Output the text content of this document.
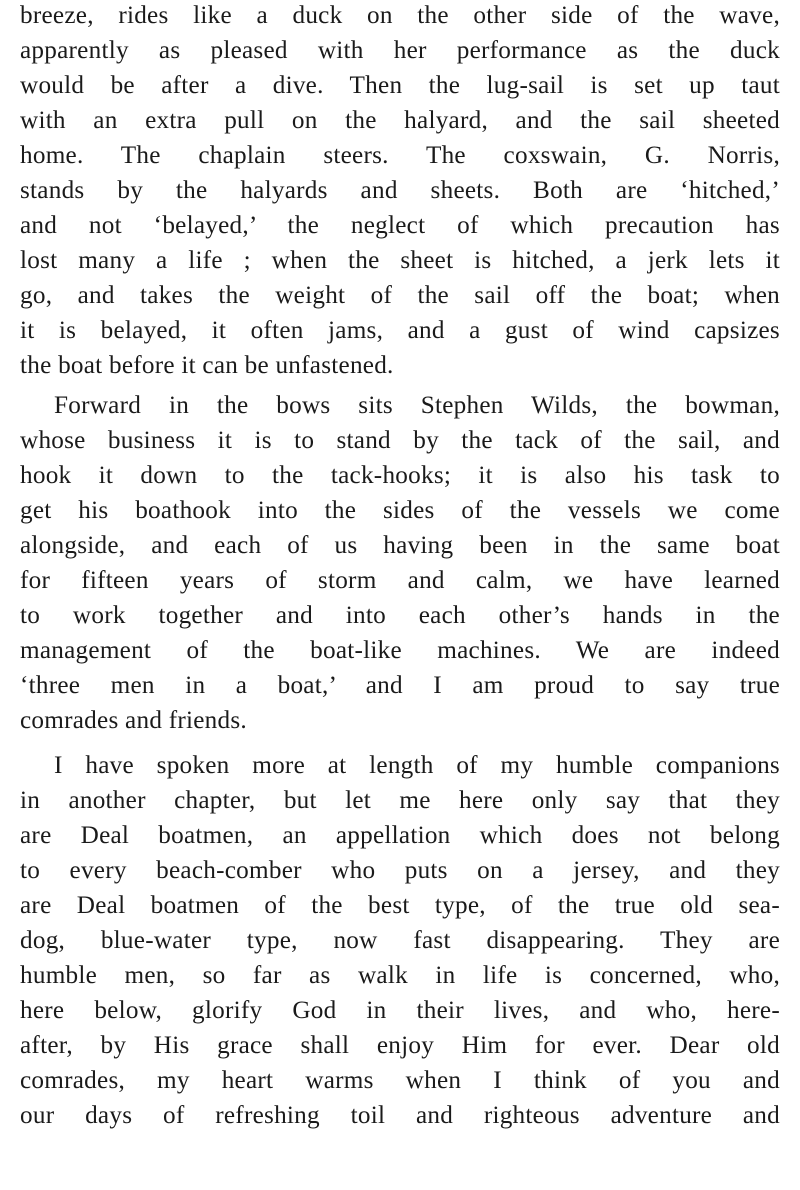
breeze, rides like a duck on the other side of the wave,
apparently as pleased with her performance as the duck
would be after a dive. Then the lug-sail is set up taut
with an extra pull on the halyard, and the sail sheeted
home. The chaplain steers. The coxswain, G. Norris,
stands by the halyards and sheets. Both are ‘hitched,’
and not ‘belayed,’ the neglect of which precaution has
lost many a life ; when the sheet is hitched, a jerk lets it
go, and takes the weight of the sail off the boat; when
it is belayed, it often jams, and a gust of wind capsizes
the boat before it can be unfastened.
Forward in the bows sits Stephen Wilds, the bowman,
whose business it is to stand by the tack of the sail, and
hook it down to the tack-hooks; it is also his task to
get his boathook into the sides of the vessels we come
alongside, and each of us having been in the same boat
for fifteen years of storm and calm, we have learned
to work together and into each other’s hands in the
management of the boat-like machines. We are indeed
‘three men in a boat,’ and I am proud to say true
comrades and friends.
I have spoken more at length of my humble companions
in another chapter, but let me here only say that they
are Deal boatmen, an appellation which does not belong
to every beach-comber who puts on a jersey, and they
are Deal boatmen of the best type, of the true old sea-
dog, blue-water type, now fast disappearing. They are
humble men, so far as walk in life is concerned, who,
here below, glorify God in their lives, and who, here-
after, by His grace shall enjoy Him for ever. Dear old
comrades, my heart warms when I think of you and
our days of refreshing toil and righteous adventure and
